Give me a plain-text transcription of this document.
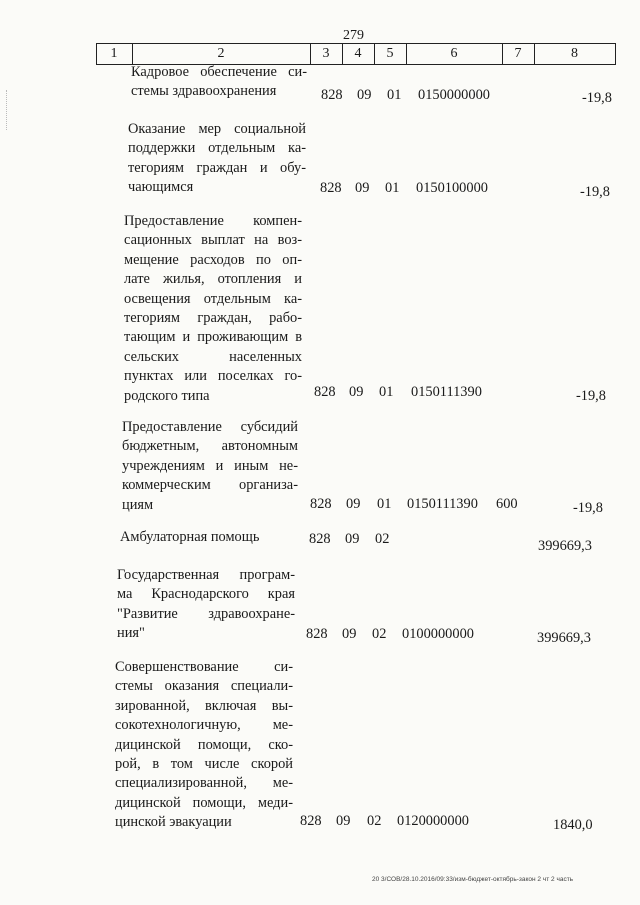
279
1	2	3	4	5	6	7	8
Кадровое обеспечение си-
стемы здравоохранения	828 09 01 0150000000	-19,8
Оказание мер социальной
поддержки отдельным ка-
тегориям граждан и обу-
чающимся	828 09 01 0150100000	-19,8
Предоставление компен-
сационных выплат на воз-
мещение расходов по оп-
лате жилья, отопления и
освещения отдельным ка-
тегориям граждан, рабо-
тающим и проживающим в
сельских населенных
пунктах или поселках го-
родского типа	828 09 01 0150111390	-19,8
Предоставление субсидий
бюджетным, автономным
учреждениям и иным не-
коммерческим организа-
циям	828 09 01 0150111390 600	-19,8
Амбулаторная помощь	828 09 02	399669,3
Государственная програм-
ма Краснодарского края
"Развитие здравоохране-
ния"	828 09 02 0100000000	399669,3
Совершенствование си-
стемы оказания специали-
зированной, включая вы-
сокотехнологичную, ме-
дицинской помощи, ско-
рой, в том числе скорой
специализированной, ме-
дицинской помощи, меди-
цинской эвакуации	828 09 02 0120000000	1840,0
20 3/СОВ/28.10.2016/09:33/изм-бюджет-октябрь-закон 2 чт 2 часть
